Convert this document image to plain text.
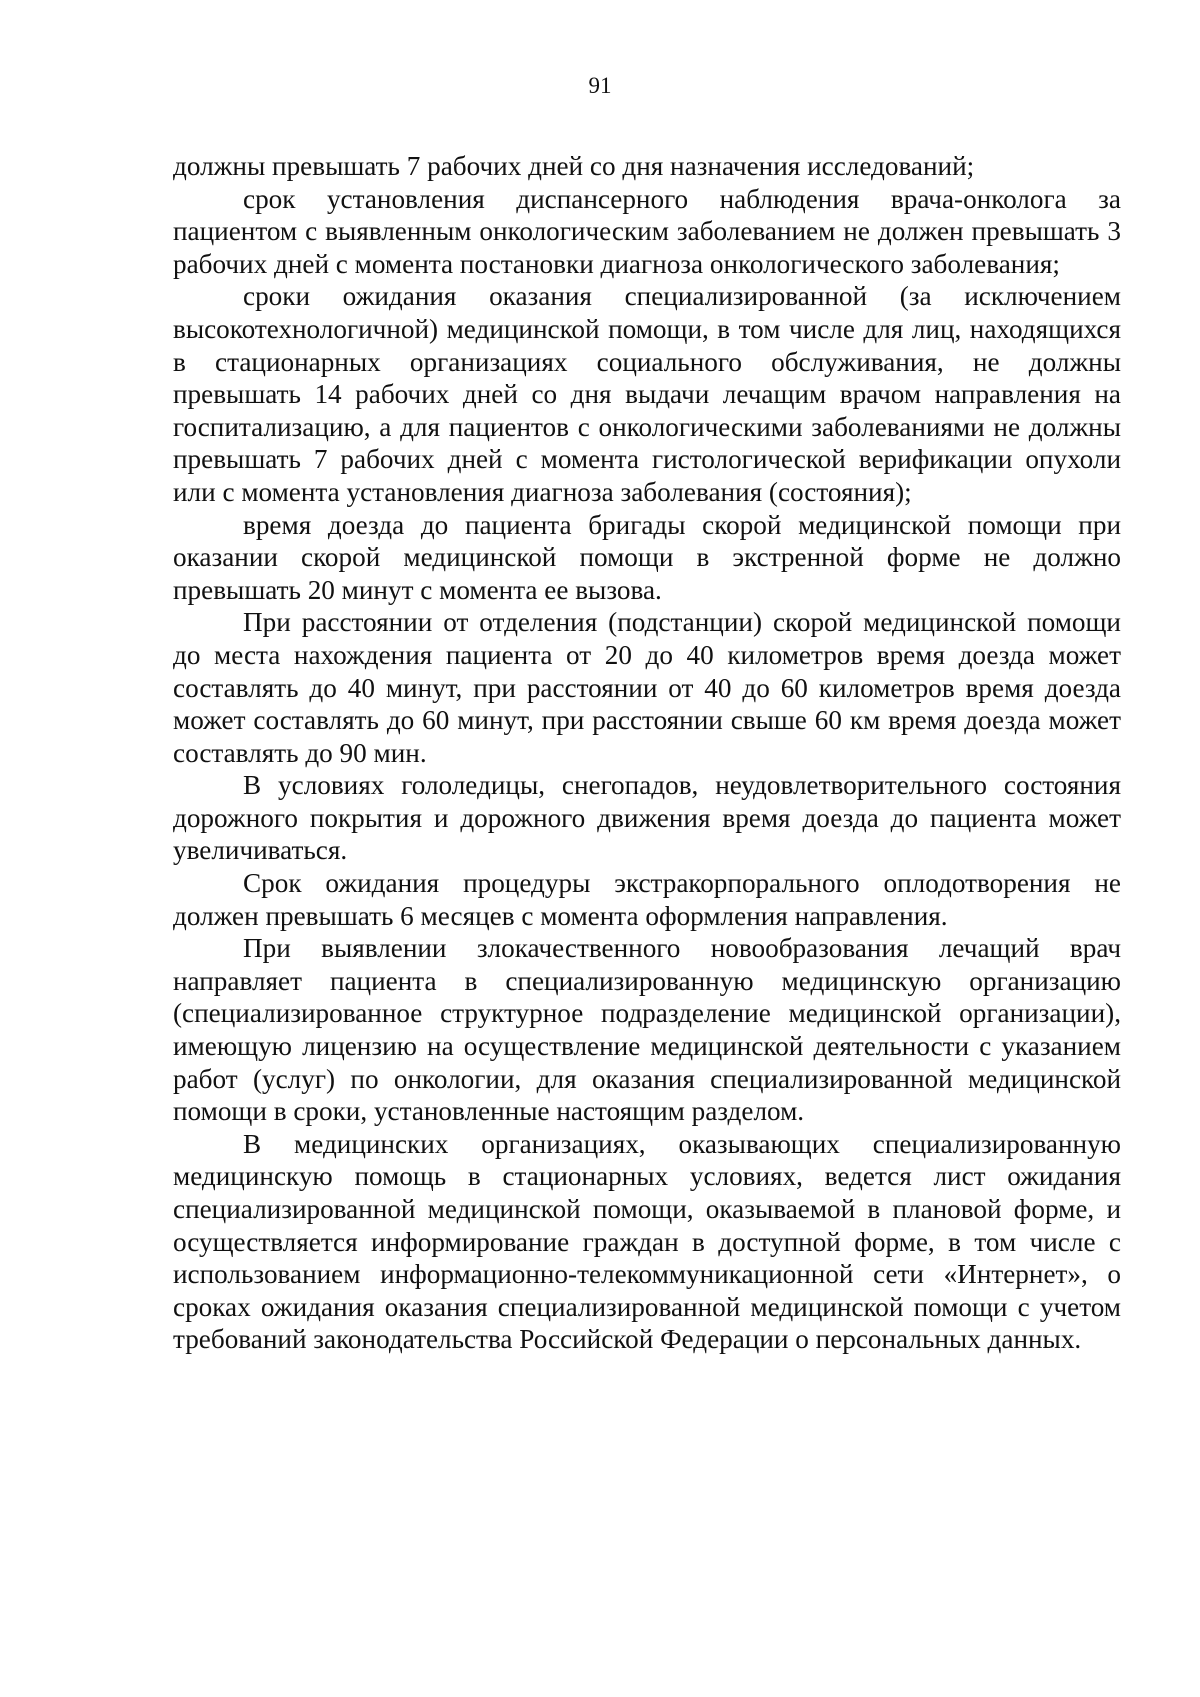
91

должны превышать 7 рабочих дней со дня назначения исследований;

срок установления диспансерного наблюдения врача-онколога за пациентом с выявленным онкологическим заболеванием не должен превышать 3 рабочих дней с момента постановки диагноза онкологического заболевания;

сроки ожидания оказания специализированной (за исключением высокотехнологичной) медицинской помощи, в том числе для лиц, находящихся в стационарных организациях социального обслуживания, не должны превышать 14 рабочих дней со дня выдачи лечащим врачом направления на госпитализацию, а для пациентов с онкологическими заболеваниями не должны превышать 7 рабочих дней с момента гистологической верификации опухоли или с момента установления диагноза заболевания (состояния);

время доезда до пациента бригады скорой медицинской помощи при оказании скорой медицинской помощи в экстренной форме не должно превышать 20 минут с момента ее вызова.

При расстоянии от отделения (подстанции) скорой медицинской помощи до места нахождения пациента от 20 до 40 километров время доезда может составлять до 40 минут, при расстоянии от 40 до 60 километров время доезда может составлять до 60 минут, при расстоянии свыше 60 км время доезда может составлять до 90 мин.

В условиях гололедицы, снегопадов, неудовлетворительного состояния дорожного покрытия и дорожного движения время доезда до пациента может увеличиваться.

Срок ожидания процедуры экстракорпорального оплодотворения не должен превышать 6 месяцев с момента оформления направления.

При выявлении злокачественного новообразования лечащий врач направляет пациента в специализированную медицинскую организацию (специализированное структурное подразделение медицинской организации), имеющую лицензию на осуществление медицинской деятельности с указанием работ (услуг) по онкологии, для оказания специализированной медицинской помощи в сроки, установленные настоящим разделом.

В медицинских организациях, оказывающих специализированную медицинскую помощь в стационарных условиях, ведется лист ожидания специализированной медицинской помощи, оказываемой в плановой форме, и осуществляется информирование граждан в доступной форме, в том числе с использованием информационно-телекоммуникационной сети «Интернет», о сроках ожидания оказания специализированной медицинской помощи с учетом требований законодательства Российской Федерации о персональных данных.
